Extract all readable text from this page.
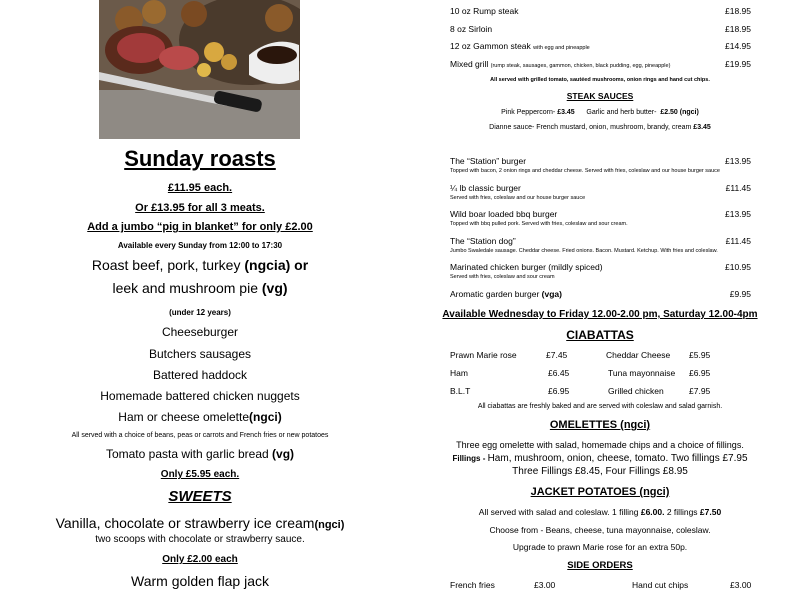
Sunday roasts
£11.95 each.
Or £13.95 for all 3 meats.
Add a jumbo “pig in blanket” for only £2.00
Available every Sunday from 12:00 to 17:30
Roast beef, pork, turkey (ngcia) or
leek and mushroom pie (vg)
(under 12 years)
Cheeseburger
Butchers sausages
Battered haddock
Homemade battered chicken nuggets
Ham or cheese omelette(ngci)
All served with a choice of beans, peas or carrots and French fries or new potatoes
Tomato pasta with garlic bread (vg)
Only £5.95 each.
SWEETS
Vanilla, chocolate or strawberry ice cream(ngci)
two scoops with chocolate or strawberry sauce.
Only £2.00 each
Warm golden flap jack
10 oz Rump steak	£18.95
8 oz Sirloin	£18.95
12 oz Gammon steak with egg and pineapple	£14.95
Mixed grill (rump steak, sausages, gammon, chicken, black pudding, egg, pineapple)	£19.95
All served with grilled tomato, sautéed mushrooms, onion rings and hand cut chips.
STEAK SAUCES
Pink Peppercorn- £3.45      Garlic and herb butter-  £2.50 (ngci)
Dianne sauce- French mustard, onion, mushroom, brandy, cream £3.45
The “Station” burger	£13.95
Topped with bacon, 2 onion rings and cheddar cheese. Served with fries, coleslaw and our house burger sauce
¼ lb classic burger	£11.45
Served with fries, coleslaw and our house burger sauce
Wild boar loaded bbq burger	£13.95
Topped with bbq pulled pork. Served with fries, coleslaw and sour cream.
The “Station dog”	£11.45
Jumbo Swaledale sausage. Cheddar cheese. Fried onions. Bacon. Mustard. Ketchup. With fries and coleslaw.
Marinated chicken burger (mildly spiced)	£10.95
Served with fries, coleslaw and sour cream
Aromatic garden burger (vga)	£9.95
Available Wednesday to Friday 12.00-2.00 pm, Saturday 12.00-4pm
CIABATTAS
Prawn Marie rose	£7.45	Cheddar Cheese £5.95
Ham	£6.45	Tuna mayonnaise £6.95
B.L.T	£6.95	Grilled chicken	£7.95
All ciabattas are freshly baked and are served with coleslaw and salad garnish.
OMELETTES (ngci)
Three egg omelette with salad, homemade chips and a choice of fillings.
Fillings - Ham, mushroom, onion, cheese, tomato. Two fillings £7.95
Three Fillings £8.45, Four Fillings £8.95
JACKET POTATOES (ngci)
All served with salad and coleslaw. 1 filling £6.00. 2 fillings £7.50
Choose from - Beans, cheese, tuna mayonnaise, coleslaw.
Upgrade to prawn Marie rose for an extra 50p.
SIDE ORDERS
French fries	£3.00	Hand cut chips	£3.00
